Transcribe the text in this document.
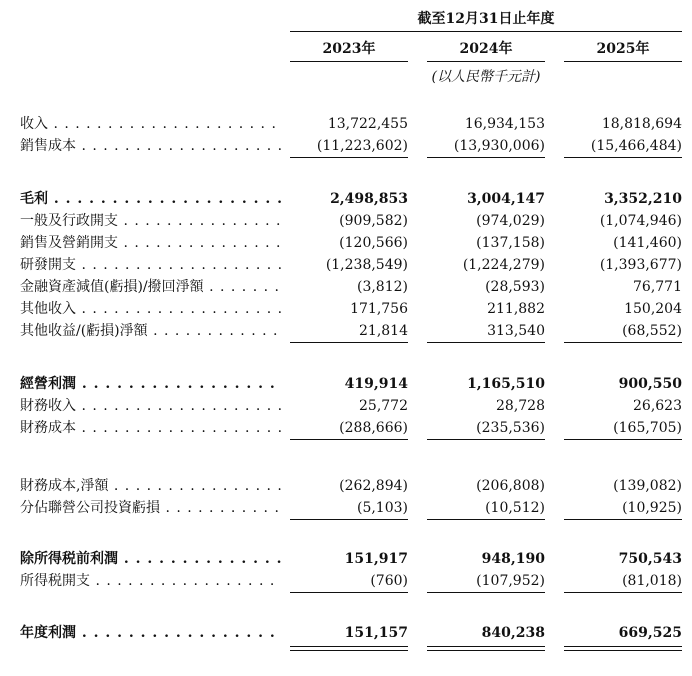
截至12月31日止年度
2023年	2024年	2025年
(以人民幣千元計)
收入 . . .	13,722,455	16,934,153	18,818,694
銷售成本 . . .	(11,223,602)	(13,930,006)	(15,466,484)
毛利 . . .	2,498,853	3,004,147	3,352,210
一般及行政開支 . . .	(909,582)	(974,029)	(1,074,946)
銷售及營銷開支 . . .	(120,566)	(137,158)	(141,460)
研發開支 . . .	(1,238,549)	(1,224,279)	(1,393,677)
金融資產減值(虧損)/撥回淨額 . . .	(3,812)	(28,593)	76,771
其他收入 . . .	171,756	211,882	150,204
其他收益/(虧損)淨額 . . .	21,814	313,540	(68,552)
經營利潤 . . .	419,914	1,165,510	900,550
財務收入 . . .	25,772	28,728	26,623
財務成本 . . .	(288,666)	(235,536)	(165,705)
財務成本,淨額 . . .	(262,894)	(206,808)	(139,082)
分佔聯營公司投資虧損 . . .	(5,103)	(10,512)	(10,925)
除所得税前利潤 . . .	151,917	948,190	750,543
所得税開支 . . .	(760)	(107,952)	(81,018)
年度利潤 . . .	151,157	840,238	669,525
